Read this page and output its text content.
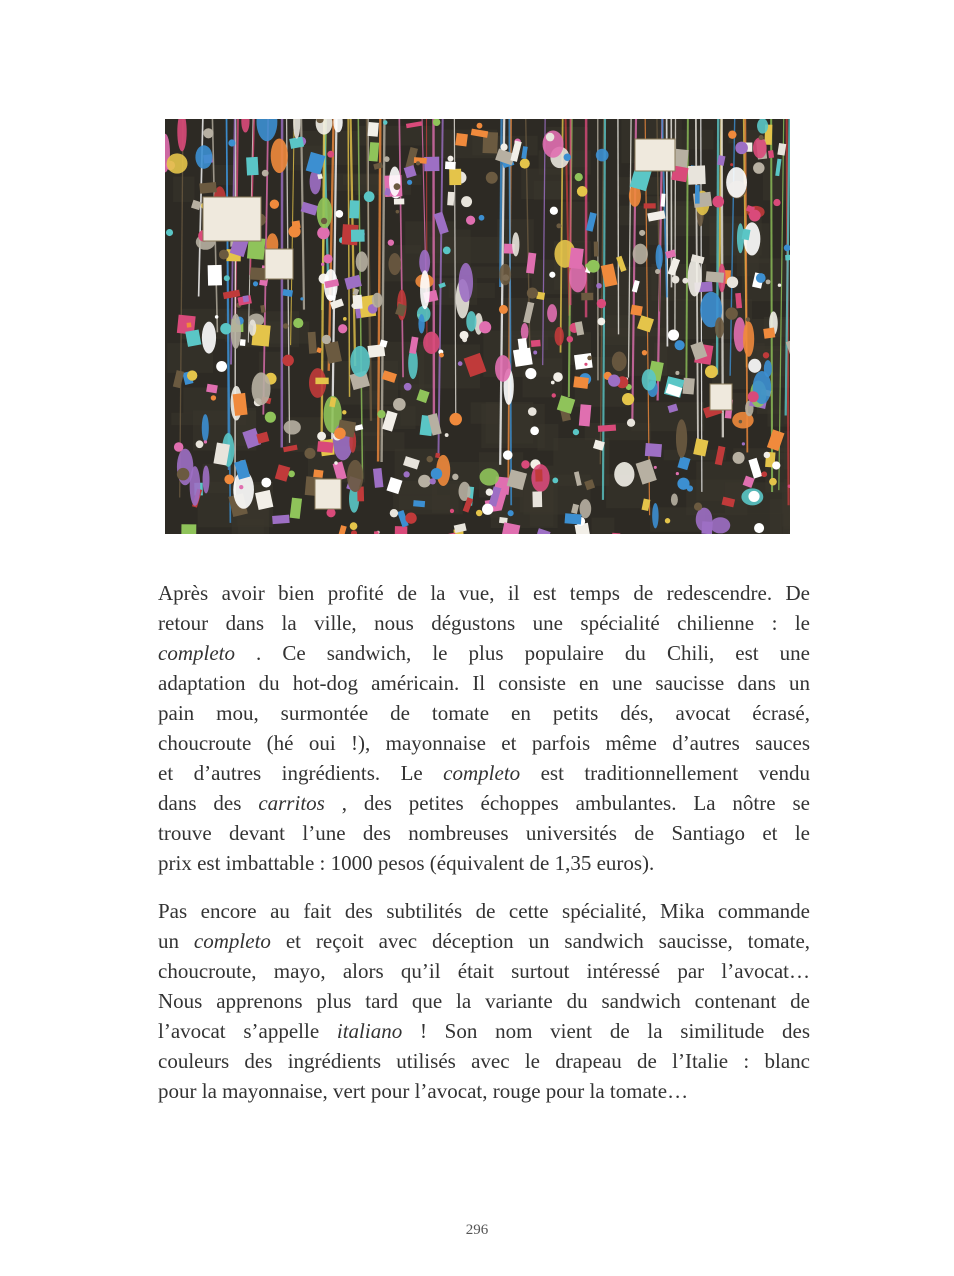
Après avoir bien profité de la vue, il est temps de redescendre. De
retour dans la ville, nous dégustons une spécialité chilienne : le
completo . Ce sandwich, le plus populaire du Chili, est une
adaptation du hot-dog américain. Il consiste en une saucisse dans un
pain mou, surmontée de tomate en petits dés, avocat écrasé,
choucroute (hé oui !), mayonnaise et parfois même d’autres sauces
et d’autres ingrédients. Le completo est traditionnellement vendu
dans des carritos , des petites échoppes ambulantes. La nôtre se
trouve devant l’une des nombreuses universités de Santiago et le
prix est imbattable : 1000 pesos (équivalent de 1,35 euros).
Pas encore au fait des subtilités de cette spécialité, Mika commande
un completo et reçoit avec déception un sandwich saucisse, tomate,
choucroute, mayo, alors qu’il était surtout intéressé par l’avocat…
Nous apprenons plus tard que la variante du sandwich contenant de
l’avocat s’appelle italiano ! Son nom vient de la similitude des
couleurs des ingrédients utilisés avec le drapeau de l’Italie : blanc
pour la mayonnaise, vert pour l’avocat, rouge pour la tomate…
296
